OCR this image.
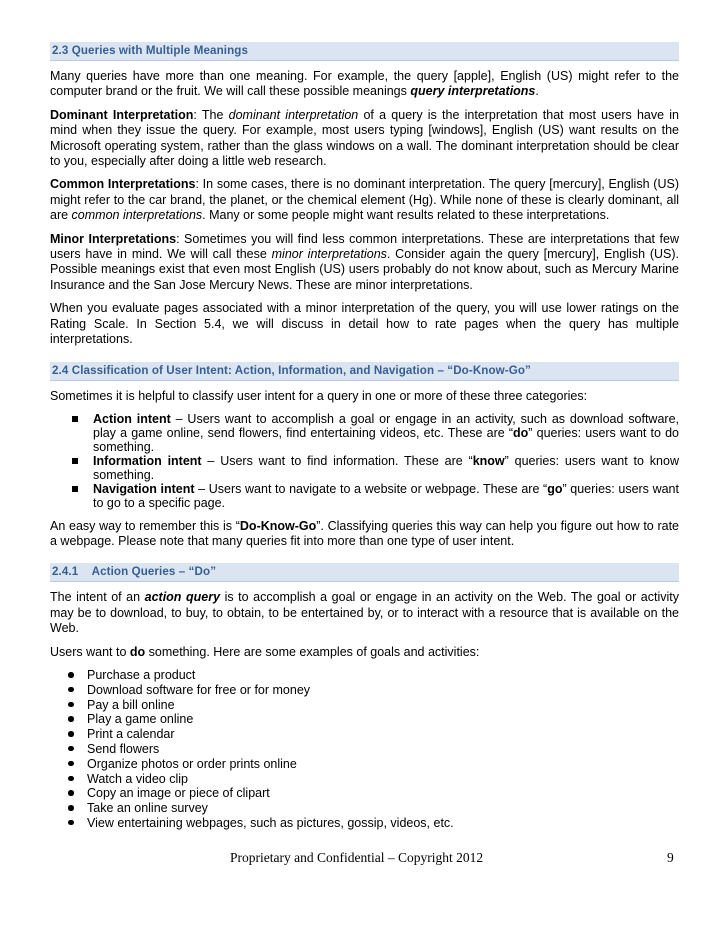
2.3 Queries with Multiple Meanings

Many queries have more than one meaning. For example, the query [apple], English (US) might refer to the computer brand or the fruit. We will call these possible meanings query interpretations.

Dominant Interpretation: The dominant interpretation of a query is the interpretation that most users have in mind when they issue the query. For example, most users typing [windows], English (US) want results on the Microsoft operating system, rather than the glass windows on a wall. The dominant interpretation should be clear to you, especially after doing a little web research.

Common Interpretations: In some cases, there is no dominant interpretation. The query [mercury], English (US) might refer to the car brand, the planet, or the chemical element (Hg). While none of these is clearly dominant, all are common interpretations. Many or some people might want results related to these interpretations.

Minor Interpretations: Sometimes you will find less common interpretations. These are interpretations that few users have in mind. We will call these minor interpretations. Consider again the query [mercury], English (US). Possible meanings exist that even most English (US) users probably do not know about, such as Mercury Marine Insurance and the San Jose Mercury News. These are minor interpretations.

When you evaluate pages associated with a minor interpretation of the query, you will use lower ratings on the Rating Scale. In Section 5.4, we will discuss in detail how to rate pages when the query has multiple interpretations.

2.4 Classification of User Intent: Action, Information, and Navigation – “Do-Know-Go”

Sometimes it is helpful to classify user intent for a query in one or more of these three categories:

Action intent – Users want to accomplish a goal or engage in an activity, such as download software, play a game online, send flowers, find entertaining videos, etc. These are “do” queries: users want to do something.
Information intent – Users want to find information. These are “know” queries: users want to know something.
Navigation intent – Users want to navigate to a website or webpage. These are “go” queries: users want to go to a specific page.

An easy way to remember this is “Do-Know-Go”. Classifying queries this way can help you figure out how to rate a webpage. Please note that many queries fit into more than one type of user intent.

2.4.1 Action Queries – “Do”

The intent of an action query is to accomplish a goal or engage in an activity on the Web. The goal or activity may be to download, to buy, to obtain, to be entertained by, or to interact with a resource that is available on the Web.

Users want to do something. Here are some examples of goals and activities:

Purchase a product
Download software for free or for money
Pay a bill online
Play a game online
Print a calendar
Send flowers
Organize photos or order prints online
Watch a video clip
Copy an image or piece of clipart
Take an online survey
View entertaining webpages, such as pictures, gossip, videos, etc.
Proprietary and Confidential – Copyright 2012	9
